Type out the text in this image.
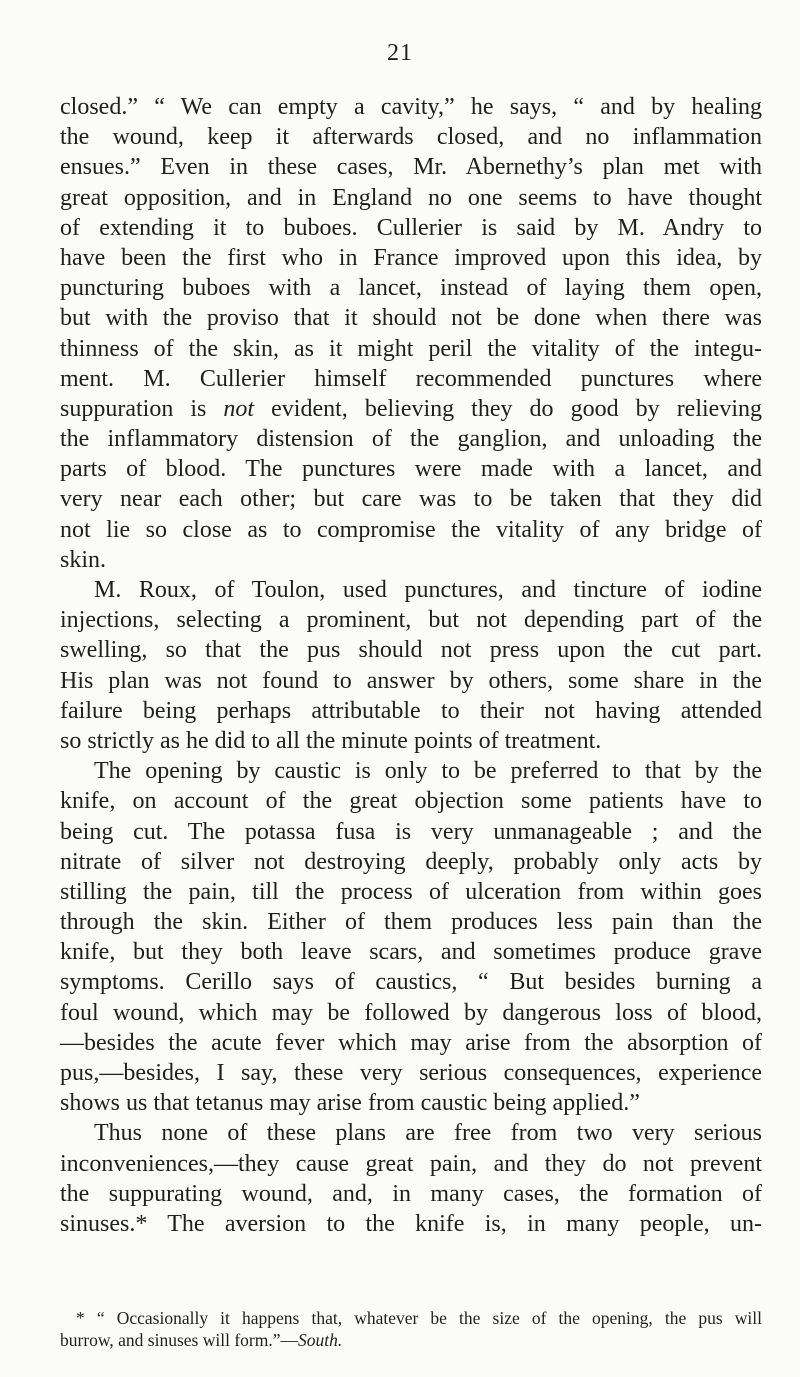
21
closed.” “ We can empty a cavity,” he says, “ and by healing
the wound, keep it afterwards closed, and no inflammation
ensues.” Even in these cases, Mr. Abernethy’s plan met with
great opposition, and in England no one seems to have thought
of extending it to buboes. Cullerier is said by M. Andry to
have been the first who in France improved upon this idea, by
puncturing buboes with a lancet, instead of laying them open,
but with the proviso that it should not be done when there was
thinness of the skin, as it might peril the vitality of the integu-
ment. M. Cullerier himself recommended punctures where
suppuration is not evident, believing they do good by relieving
the inflammatory distension of the ganglion, and unloading the
parts of blood. The punctures were made with a lancet, and
very near each other; but care was to be taken that they did
not lie so close as to compromise the vitality of any bridge of
skin.
M. Roux, of Toulon, used punctures, and tincture of iodine
injections, selecting a prominent, but not depending part of the
swelling, so that the pus should not press upon the cut part.
His plan was not found to answer by others, some share in the
failure being perhaps attributable to their not having attended
so strictly as he did to all the minute points of treatment.
The opening by caustic is only to be preferred to that by the
knife, on account of the great objection some patients have to
being cut. The potassa fusa is very unmanageable ; and the
nitrate of silver not destroying deeply, probably only acts by
stilling the pain, till the process of ulceration from within goes
through the skin. Either of them produces less pain than the
knife, but they both leave scars, and sometimes produce grave
symptoms. Cerillo says of caustics, “ But besides burning a
foul wound, which may be followed by dangerous loss of blood,
—besides the acute fever which may arise from the absorption of
pus,—besides, I say, these very serious consequences, experience
shows us that tetanus may arise from caustic being applied.”
Thus none of these plans are free from two very serious
inconveniences,—they cause great pain, and they do not prevent
the suppurating wound, and, in many cases, the formation of
sinuses.* The aversion to the knife is, in many people, un-
* “ Occasionally it happens that, whatever be the size of the opening, the pus will
burrow, and sinuses will form.”—South.
